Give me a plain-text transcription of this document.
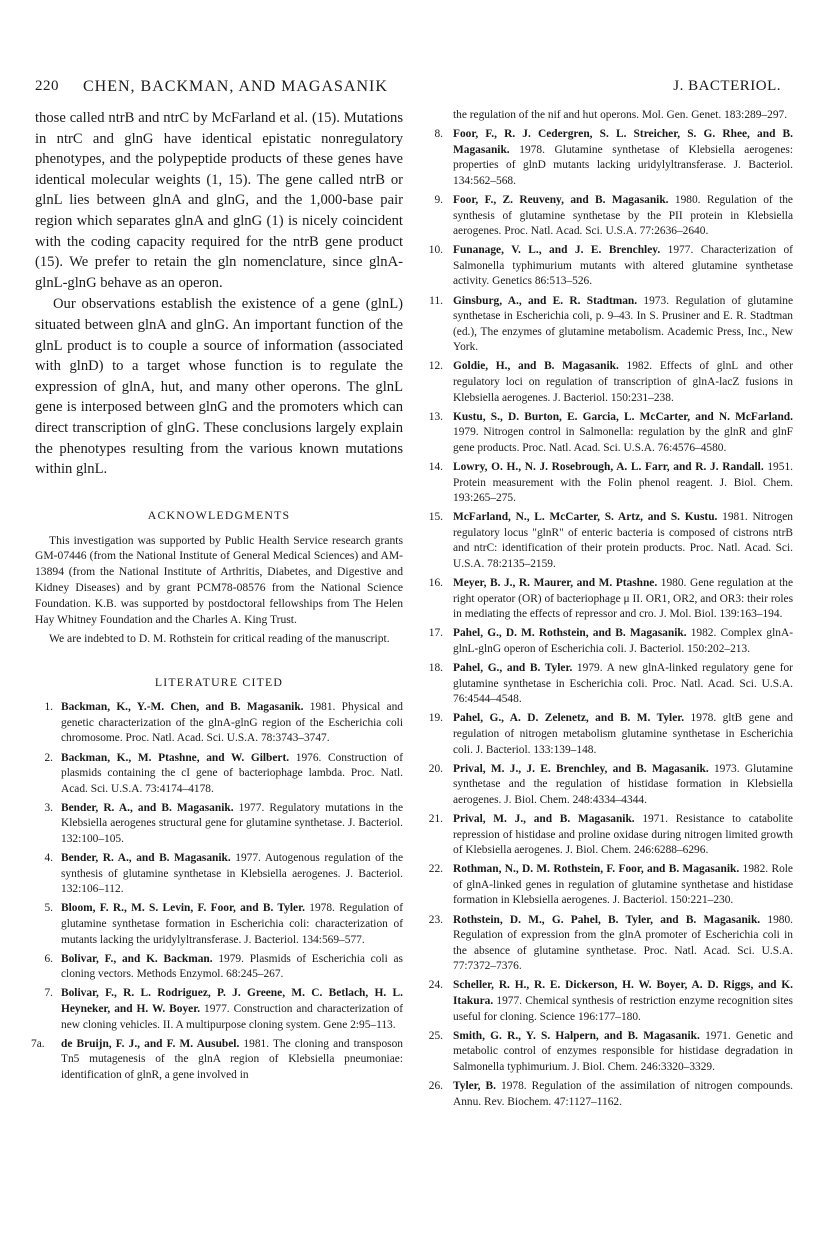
220 CHEN, BACKMAN, AND MAGASANIK	J. BACTERIOL.

those called ntrB and ntrC by McFarland et al. (15). Mutations in ntrC and glnG have identical epistatic nonregulatory phenotypes, and the polypeptide products of these genes have identical molecular weights (1, 15). The gene called ntrB or glnL lies between glnA and glnG, and the 1,000-base pair region which separates glnA and glnG (1) is nicely coincident with the coding capacity required for the ntrB gene product (15). We prefer to retain the gln nomenclature, since glnA-glnL-glnG behave as an operon.

Our observations establish the existence of a gene (glnL) situated between glnA and glnG. An important function of the glnL product is to couple a source of information (associated with glnD) to a target whose function is to regulate the expression of glnA, hut, and many other operons. The glnL gene is interposed between glnG and the promoters which can direct transcription of glnG. These conclusions largely explain the phenotypes resulting from the various known mutations within glnL.

ACKNOWLEDGMENTS

This investigation was supported by Public Health Service research grants GM-07446 (from the National Institute of General Medical Sciences) and AM-13894 (from the National Institute of Arthritis, Diabetes, and Digestive and Kidney Diseases) and by grant PCM78-08576 from the National Science Foundation. K.B. was supported by postdoctoral fellowships from The Helen Hay Whitney Foundation and the Charles A. King Trust.

We are indebted to D. M. Rothstein for critical reading of the manuscript.

LITERATURE CITED
1. Backman, K., Y.-M. Chen, and B. Magasanik. 1981. Physical and genetic characterization of the glnA-glnG region of the Escherichia coli chromosome. Proc. Natl. Acad. Sci. U.S.A. 78:3743–3747.
2. Backman, K., M. Ptashne, and W. Gilbert. 1976. Construction of plasmids containing the cI gene of bacteriophage lambda. Proc. Natl. Acad. Sci. U.S.A. 73:4174–4178.
3. Bender, R. A., and B. Magasanik. 1977. Regulatory mutations in the Klebsiella aerogenes structural gene for glutamine synthetase. J. Bacteriol. 132:100–105.
4. Bender, R. A., and B. Magasanik. 1977. Autogenous regulation of the synthesis of glutamine synthetase in Klebsiella aerogenes. J. Bacteriol. 132:106–112.
5. Bloom, F. R., M. S. Levin, F. Foor, and B. Tyler. 1978. Regulation of glutamine synthetase formation in Escherichia coli: characterization of mutants lacking the uridylyltransferase. J. Bacteriol. 134:569–577.
6. Bolivar, F., and K. Backman. 1979. Plasmids of Escherichia coli as cloning vectors. Methods Enzymol. 68:245–267.
7. Bolivar, F., R. L. Rodriguez, P. J. Greene, M. C. Betlach, H. L. Heyneker, and H. W. Boyer. 1977. Construction and characterization of new cloning vehicles. II. A multipurpose cloning system. Gene 2:95–113.
7a.	de Bruijn, F. J., and F. M. Ausubel. 1981. The cloning and transposon Tn5 mutagenesis of the glnA region of Klebsiella pneumoniae: identification of glnR, a gene involved in
the regulation of the nif and hut operons. Mol. Gen. Genet. 183:289–297.
8. Foor, F., R. J. Cedergren, S. L. Streicher, S. G. Rhee, and B. Magasanik. 1978. Glutamine synthetase of Klebsiella aerogenes: properties of glnD mutants lacking uridylyltransferase. J. Bacteriol. 134:562–568.
9. Foor, F., Z. Reuveny, and B. Magasanik. 1980. Regulation of the synthesis of glutamine synthetase by the PII protein in Klebsiella aerogenes. Proc. Natl. Acad. Sci. U.S.A. 77:2636–2640.
10. Funanage, V. L., and J. E. Brenchley. 1977. Characterization of Salmonella typhimurium mutants with altered glutamine synthetase activity. Genetics 86:513–526.
11. Ginsburg, A., and E. R. Stadtman. 1973. Regulation of glutamine synthetase in Escherichia coli, p. 9–43. In S. Prusiner and E. R. Stadtman (ed.), The enzymes of glutamine metabolism. Academic Press, Inc., New York.
12. Goldie, H., and B. Magasanik. 1982. Effects of glnL and other regulatory loci on regulation of transcription of glnA-lacZ fusions in Klebsiella aerogenes. J. Bacteriol. 150:231–238.
13. Kustu, S., D. Burton, E. Garcia, L. McCarter, and N. McFarland. 1979. Nitrogen control in Salmonella: regulation by the glnR and glnF gene products. Proc. Natl. Acad. Sci. U.S.A. 76:4576–4580.
14. Lowry, O. H., N. J. Rosebrough, A. L. Farr, and R. J. Randall. 1951. Protein measurement with the Folin phenol reagent. J. Biol. Chem. 193:265–275.
15. McFarland, N., L. McCarter, S. Artz, and S. Kustu. 1981. Nitrogen regulatory locus "glnR" of enteric bacteria is composed of cistrons ntrB and ntrC: identification of their protein products. Proc. Natl. Acad. Sci. U.S.A. 78:2135–2159.
16. Meyer, B. J., R. Maurer, and M. Ptashne. 1980. Gene regulation at the right operator (OR) of bacteriophage μ II. OR1, OR2, and OR3: their roles in mediating the effects of repressor and cro. J. Mol. Biol. 139:163–194.
17. Pahel, G., D. M. Rothstein, and B. Magasanik. 1982. Complex glnA-glnL-glnG operon of Escherichia coli. J. Bacteriol. 150:202–213.
18. Pahel, G., and B. Tyler. 1979. A new glnA-linked regulatory gene for glutamine synthetase in Escherichia coli. Proc. Natl. Acad. Sci. U.S.A. 76:4544–4548.
19. Pahel, G., A. D. Zelenetz, and B. M. Tyler. 1978. gltB gene and regulation of nitrogen metabolism glutamine synthetase in Escherichia coli. J. Bacteriol. 133:139–148.
20. Prival, M. J., J. E. Brenchley, and B. Magasanik. 1973. Glutamine synthetase and the regulation of histidase formation in Klebsiella aerogenes. J. Biol. Chem. 248:4334–4344.
21. Prival, M. J., and B. Magasanik. 1971. Resistance to catabolite repression of histidase and proline oxidase during nitrogen limited growth of Klebsiella aerogenes. J. Biol. Chem. 246:6288–6296.
22. Rothman, N., D. M. Rothstein, F. Foor, and B. Magasanik. 1982. Role of glnA-linked genes in regulation of glutamine synthetase and histidase formation in Klebsiella aerogenes. J. Bacteriol. 150:221–230.
23. Rothstein, D. M., G. Pahel, B. Tyler, and B. Magasanik. 1980. Regulation of expression from the glnA promoter of Escherichia coli in the absence of glutamine synthetase. Proc. Natl. Acad. Sci. U.S.A. 77:7372–7376.
24. Scheller, R. H., R. E. Dickerson, H. W. Boyer, A. D. Riggs, and K. Itakura. 1977. Chemical synthesis of restriction enzyme recognition sites useful for cloning. Science 196:177–180.
25. Smith, G. R., Y. S. Halpern, and B. Magasanik. 1971. Genetic and metabolic control of enzymes responsible for histidase degradation in Salmonella typhimurium. J. Biol. Chem. 246:3320–3329.
26. Tyler, B. 1978. Regulation of the assimilation of nitrogen compounds. Annu. Rev. Biochem. 47:1127–1162.
